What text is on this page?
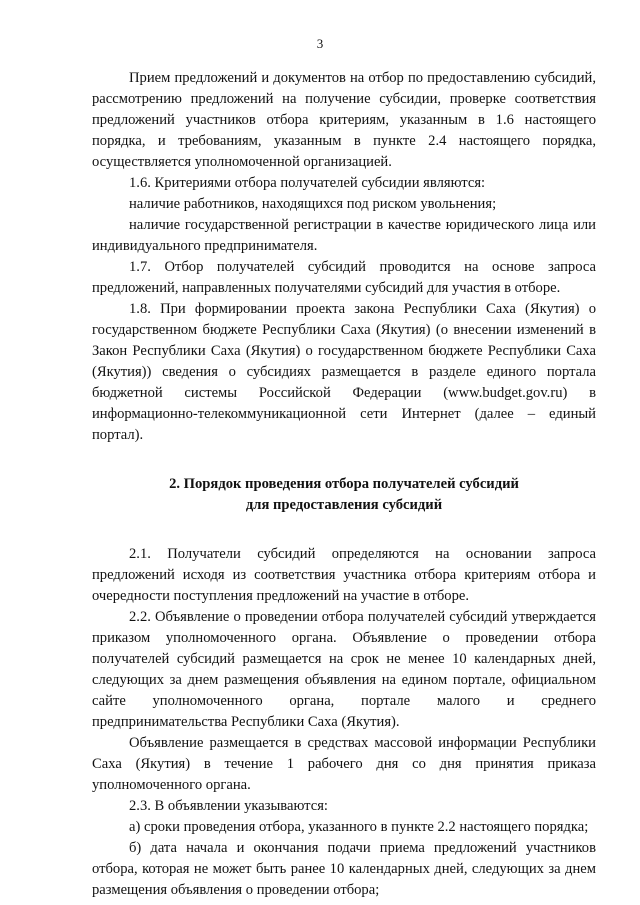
3

Прием предложений и документов на отбор по предоставлению субсидий, рассмотрению предложений на получение субсидии, проверке соответствия предложений участников отбора критериям, указанным в 1.6 настоящего порядка, и требованиям, указанным в пункте 2.4 настоящего порядка, осуществляется уполномоченной организацией.

1.6. Критериями отбора получателей субсидии являются:

наличие работников, находящихся под риском увольнения;

наличие государственной регистрации в качестве юридического лица или индивидуального предпринимателя.

1.7. Отбор получателей субсидий проводится на основе запроса предложений, направленных получателями субсидий для участия в отборе.

1.8. При формировании проекта закона Республики Саха (Якутия) о государственном бюджете Республики Саха (Якутия) (о внесении изменений в Закон Республики Саха (Якутия) о государственном бюджете Республики Саха (Якутия)) сведения о субсидиях размещается в разделе единого портала бюджетной системы Российской Федерации (www.budget.gov.ru) в информационно-телекоммуникационной сети Интернет (далее – единый портал).

2. Порядок проведения отбора получателей субсидий
для предоставления субсидий

2.1. Получатели субсидий определяются на основании запроса предложений исходя из соответствия участника отбора критериям отбора и очередности поступления предложений на участие в отборе.

2.2. Объявление о проведении отбора получателей субсидий утверждается приказом уполномоченного органа. Объявление о проведении отбора получателей субсидий размещается на срок не менее 10 календарных дней, следующих за днем размещения объявления на едином портале, официальном сайте уполномоченного органа, портале малого и среднего предпринимательства Республики Саха (Якутия).

Объявление размещается в средствах массовой информации Республики Саха (Якутия) в течение 1 рабочего дня со дня принятия приказа уполномоченного органа.

2.3. В объявлении указываются:

а) сроки проведения отбора, указанного в пункте 2.2 настоящего порядка;

б) дата начала и окончания подачи приема предложений участников отбора, которая не может быть ранее 10 календарных дней, следующих за днем размещения объявления о проведении отбора;
